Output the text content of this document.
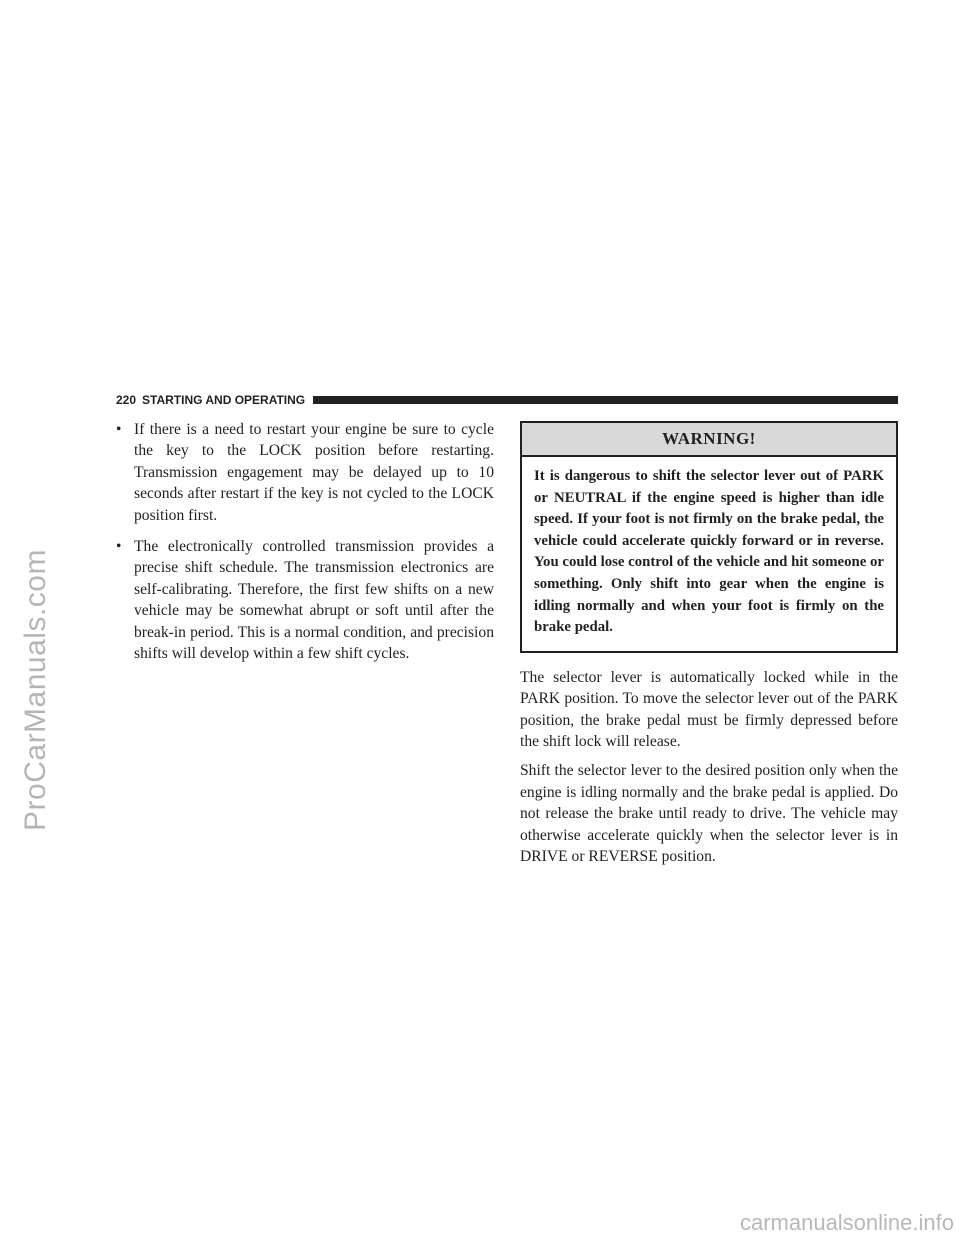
ProCarManuals.com
220 STARTING AND OPERATING

• If there is a need to restart your engine be sure to cycle the key to the LOCK position before restarting. Transmission engagement may be delayed up to 10 seconds after restart if the key is not cycled to the LOCK position first.

• The electronically controlled transmission provides a precise shift schedule. The transmission electronics are self-calibrating. Therefore, the first few shifts on a new vehicle may be somewhat abrupt or soft until after the break-in period. This is a normal condition, and precision shifts will develop within a few shift cycles.

WARNING!
It is dangerous to shift the selector lever out of PARK or NEUTRAL if the engine speed is higher than idle speed. If your foot is not firmly on the brake pedal, the vehicle could accelerate quickly forward or in reverse. You could lose control of the vehicle and hit someone or something. Only shift into gear when the engine is idling normally and when your foot is firmly on the brake pedal.

The selector lever is automatically locked while in the PARK position. To move the selector lever out of the PARK position, the brake pedal must be firmly depressed before the shift lock will release.

Shift the selector lever to the desired position only when the engine is idling normally and the brake pedal is applied. Do not release the brake until ready to drive. The vehicle may otherwise accelerate quickly when the selector lever is in DRIVE or REVERSE position.

carmanualsonline.info
